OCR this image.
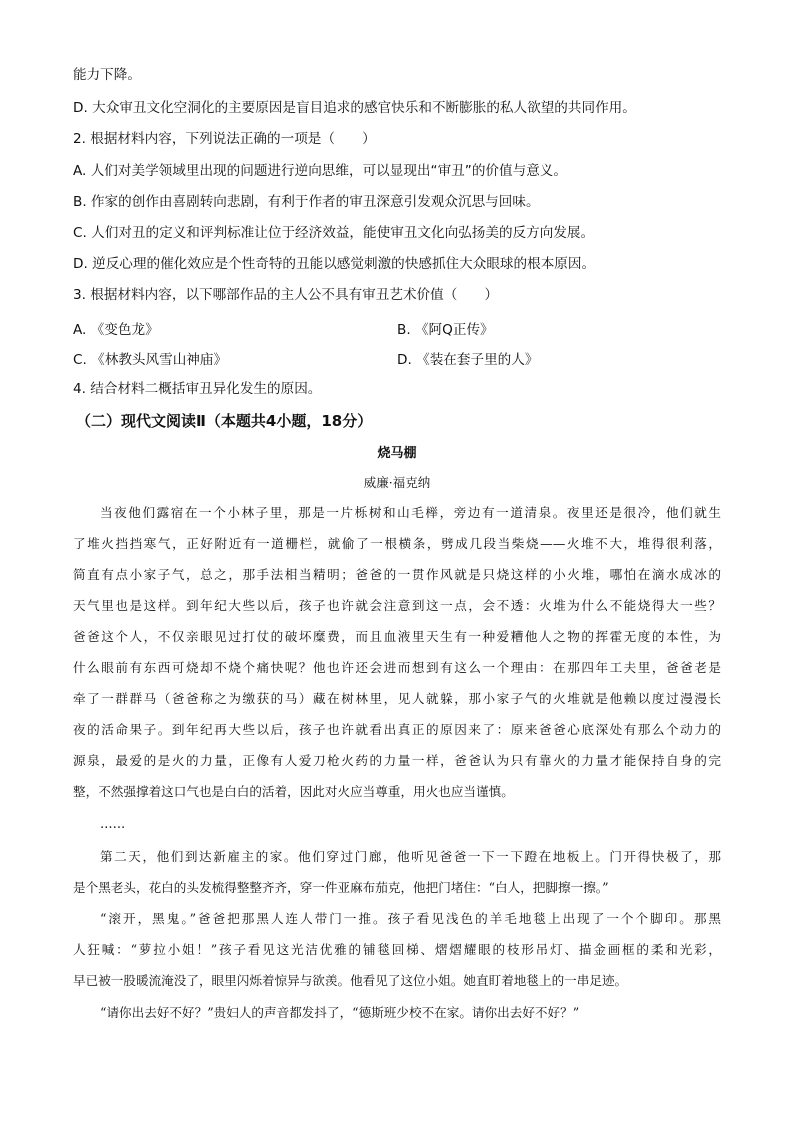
能力下降。
D. 大众审丑文化空洞化的主要原因是盲目追求的感官快乐和不断膨胀的私人欲望的共同作用。
2. 根据材料内容，下列说法正确的一项是（　　）
A. 人们对美学领域里出现的问题进行逆向思维，可以显现出“审丑”的价值与意义。
B. 作家的创作由喜剧转向悲剧，有利于作者的审丑深意引发观众沉思与回味。
C. 人们对丑的定义和评判标准让位于经济效益，能使审丑文化向弘扬美的反方向发展。
D. 逆反心理的催化效应是个性奇特的丑能以感觉刺激的快感抓住大众眼球的根本原因。
3. 根据材料内容，以下哪部作品的主人公不具有审丑艺术价值（　　）
A. 《变色龙》	B. 《阿Q正传》
C. 《林教头风雪山神庙》	D. 《装在套子里的人》
4. 结合材料二概括审丑异化发生的原因。
（二）现代文阅读Ⅱ（本题共4小题，18分）
烧马棚
威廉·福克纳
当夜他们露宿在一个小林子里，那是一片栎树和山毛榉，旁边有一道清泉。夜里还是很冷，他们就生
了堆火挡挡寒气，正好附近有一道栅栏，就偷了一根横条，劈成几段当柴烧——火堆不大，堆得很利落，
简直有点小家子气，总之，那手法相当精明；爸爸的一贯作风就是只烧这样的小火堆，哪怕在滴水成冰的
天气里也是这样。到年纪大些以后，孩子也许就会注意到这一点，会不透：火堆为什么不能烧得大一些？
爸爸这个人，不仅亲眼见过打仗的破坏糜费，而且血液里天生有一种爱糟他人之物的挥霍无度的本性，为
什么眼前有东西可烧却不烧个痛快呢？他也许还会进而想到有这么一个理由：在那四年工夫里，爸爸老是
牵了一群群马（爸爸称之为缴获的马）藏在树林里，见人就躲，那小家子气的火堆就是他赖以度过漫漫长
夜的活命果子。到年纪再大些以后，孩子也许就看出真正的原因来了：原来爸爸心底深处有那么个动力的
源泉，最爱的是火的力量，正像有人爱刀枪火药的力量一样，爸爸认为只有靠火的力量才能保持自身的完
整，不然强撑着这口气也是白白的活着，因此对火应当尊重，用火也应当谨慎。
……
第二天，他们到达新雇主的家。他们穿过门廊，他听见爸爸一下一下蹬在地板上。门开得快极了，那
是个黑老头，花白的头发梳得整整齐齐，穿一件亚麻布茄克，他把门堵住：“白人，把脚擦一擦。”
“滚开，黑鬼。”爸爸把那黑人连人带门一推。孩子看见浅色的羊毛地毯上出现了一个个脚印。那黑
人狂喊：“萝拉小姐！”孩子看见这光洁优雅的铺毯回梯、熠熠耀眼的枝形吊灯、描金画框的柔和光彩，
早已被一股暖流淹没了，眼里闪烁着惊异与欲羡。他看见了这位小姐。她直盯着地毯上的一串足迹。
“请你出去好不好？”贵妇人的声音都发抖了，“德斯班少校不在家。请你出去好不好？”
